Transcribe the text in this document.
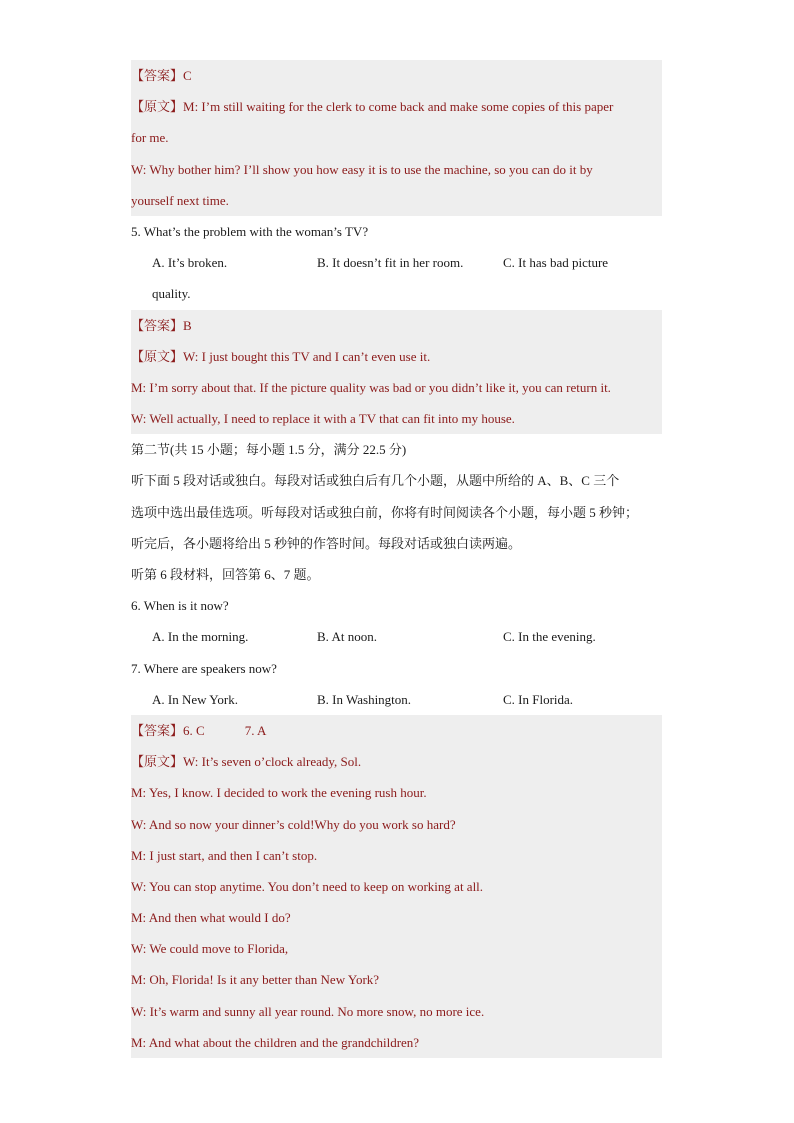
【答案】C
【原文】M: I’m still waiting for the clerk to come back and make some copies of this paper
for me.
W: Why bother him? I’ll show you how easy it is to use the machine, so you can do it by
yourself next time.
5. What’s the problem with the woman’s TV?
A. It’s broken.	B. It doesn’t fit in her room.	C. It has bad picture
quality.
【答案】B
【原文】W: I just bought this TV and I can’t even use it.
M: I’m sorry about that. If the picture quality was bad or you didn’t like it, you can return it.
W: Well actually, I need to replace it with a TV that can fit into my house.
第二节(共 15 小题；每小题 1.5 分，满分 22.5 分)
听下面 5 段对话或独白。每段对话或独白后有几个小题，从题中所给的 A、B、C 三个
选项中选出最佳选项。听每段对话或独白前，你将有时间阅读各个小题，每小题 5 秒钟；
听完后，各小题将给出 5 秒钟的作答时间。每段对话或独白读两遍。
听第 6 段材料，回答第 6、7 题。
6. When is it now?
A. In the morning.	B. At noon.	C. In the evening.
7. Where are speakers now?
A. In New York.	B. In Washington.	C. In Florida.
【答案】6. C	7. A
【原文】W: It’s seven o’clock already, Sol.
M: Yes, I know. I decided to work the evening rush hour.
W: And so now your dinner’s cold!Why do you work so hard?
M: I just start, and then I can’t stop.
W: You can stop anytime. You don’t need to keep on working at all.
M: And then what would I do?
W: We could move to Florida,
M: Oh, Florida! Is it any better than New York?
W: It’s warm and sunny all year round. No more snow, no more ice.
M: And what about the children and the grandchildren?
